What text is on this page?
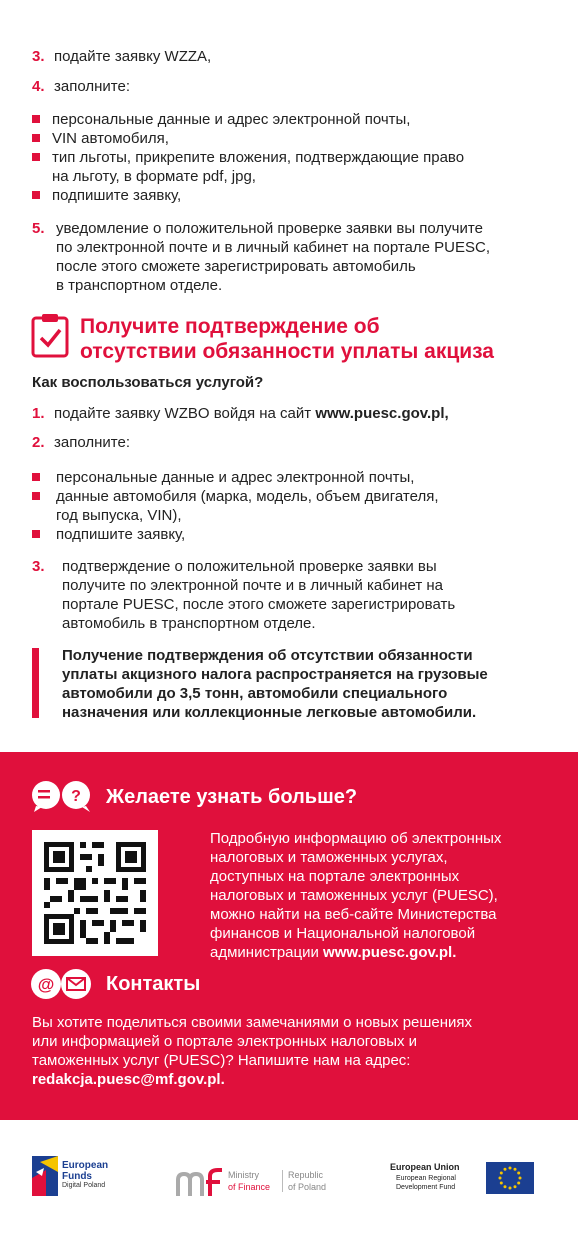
3. подайте заявку WZZA,
4. заполните:
персональные данные и адрес электронной почты,
VIN автомобиля,
тип льготы, прикрепите вложения, подтверждающие право
на льготу, в формате pdf, jpg,
подпишите заявку,
5. уведомление о положительной проверке заявки вы получите
по электронной почте и в личный кабинет на портале PUESC,
после этого сможете зарегистрировать автомобиль
в транспортном отделе.
Получите подтверждение об
отсутствии обязанности уплаты акциза
Как воспользоваться услугой?
1. подайте заявку WZBO войдя на сайт www.puesc.gov.pl,
2. заполните:
персональные данные и адрес электронной почты,
данные автомобиля (марка, модель, объем двигателя,
год выпуска, VIN),
подпишите заявку,
3. подтверждение о положительной проверке заявки вы
получите по электронной почте и в личный кабинет на
портале PUESC, после этого сможете зарегистрировать
автомобиль в транспортном отделе.
Получение подтверждения об отсутствии обязанности
уплаты акцизного налога распространяется на грузовые
автомобили до 3,5 тонн, автомобили специального
назначения или коллекционные легковые автомобили.
? Желаете узнать больше?
Подробную информацию об электронных
налоговых и таможенных услугах,
доступных на портале электронных
налоговых и таможенных услуг (PUESC),
можно найти на веб-сайте Министерства
финансов и Национальной налоговой
администрации www.puesc.gov.pl.
@	Контакты
Вы хотите поделиться своими замечаниями о новых решениях
или информацией о портале электронных налоговых и
таможенных услуг (PUESC)? Напишите нам на адрес:
redakcja.puesc@mf.gov.pl.
European
Funds
Digital Poland
Ministry
of Finance
Republic
of Poland
European Union
European Regional
Development Fund
